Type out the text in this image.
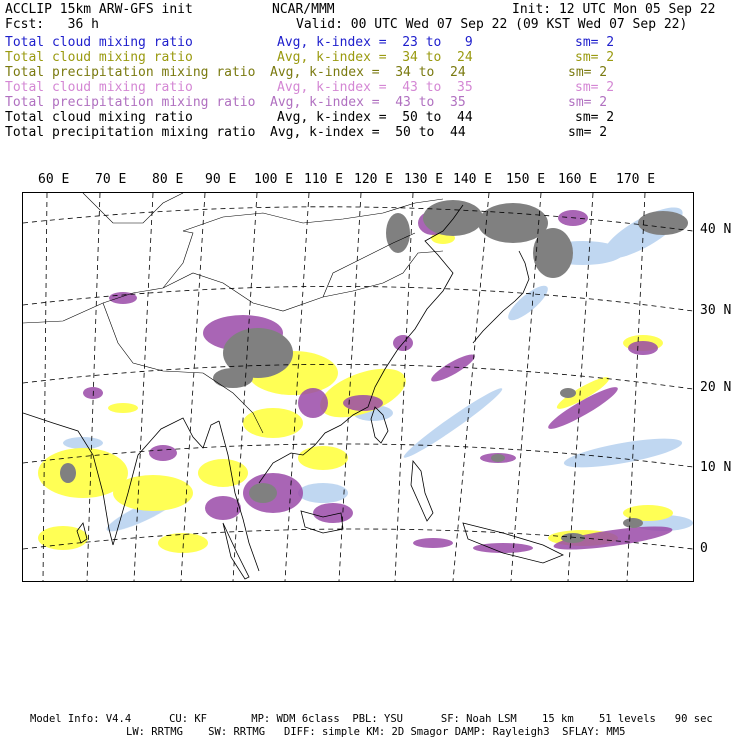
ACCLIP 15km ARW-GFS init	NCAR/MMM	Init: 12 UTC Mon 05 Sep 22
Fcst:   36 h	Valid: 00 UTC Wed 07 Sep 22 (09 KST Wed 07 Sep 22)
Total cloud mixing ratio	Avg, k-index =  23 to   9	sm= 2
Total cloud mixing ratio	Avg, k-index =  34 to  24	sm= 2
Total precipitation mixing ratio Avg, k-index =  34 to  24	sm= 2
Total cloud mixing ratio	Avg, k-index =  43 to  35	sm= 2
Total precipitation mixing ratio Avg, k-index =  43 to  35	sm= 2
Total cloud mixing ratio	Avg, k-index =  50 to  44	sm= 2
Total precipitation mixing ratio Avg, k-index =  50 to  44	sm= 2
60 E 70 E 80 E 90 E 100 E 110 E 120 E 130 E 140 E 150 E 160 E 170 E
40 N
30 N
20 N
10 N
0
Model Info: V4.4      CU: KF       MP: WDM 6class  PBL: YSU      SF: Noah LSM    15 km    51 levels   90 sec
LW: RRTMG    SW: RRTMG   DIFF: simple KM: 2D Smagor DAMP: Rayleigh3  SFLAY: MM5
